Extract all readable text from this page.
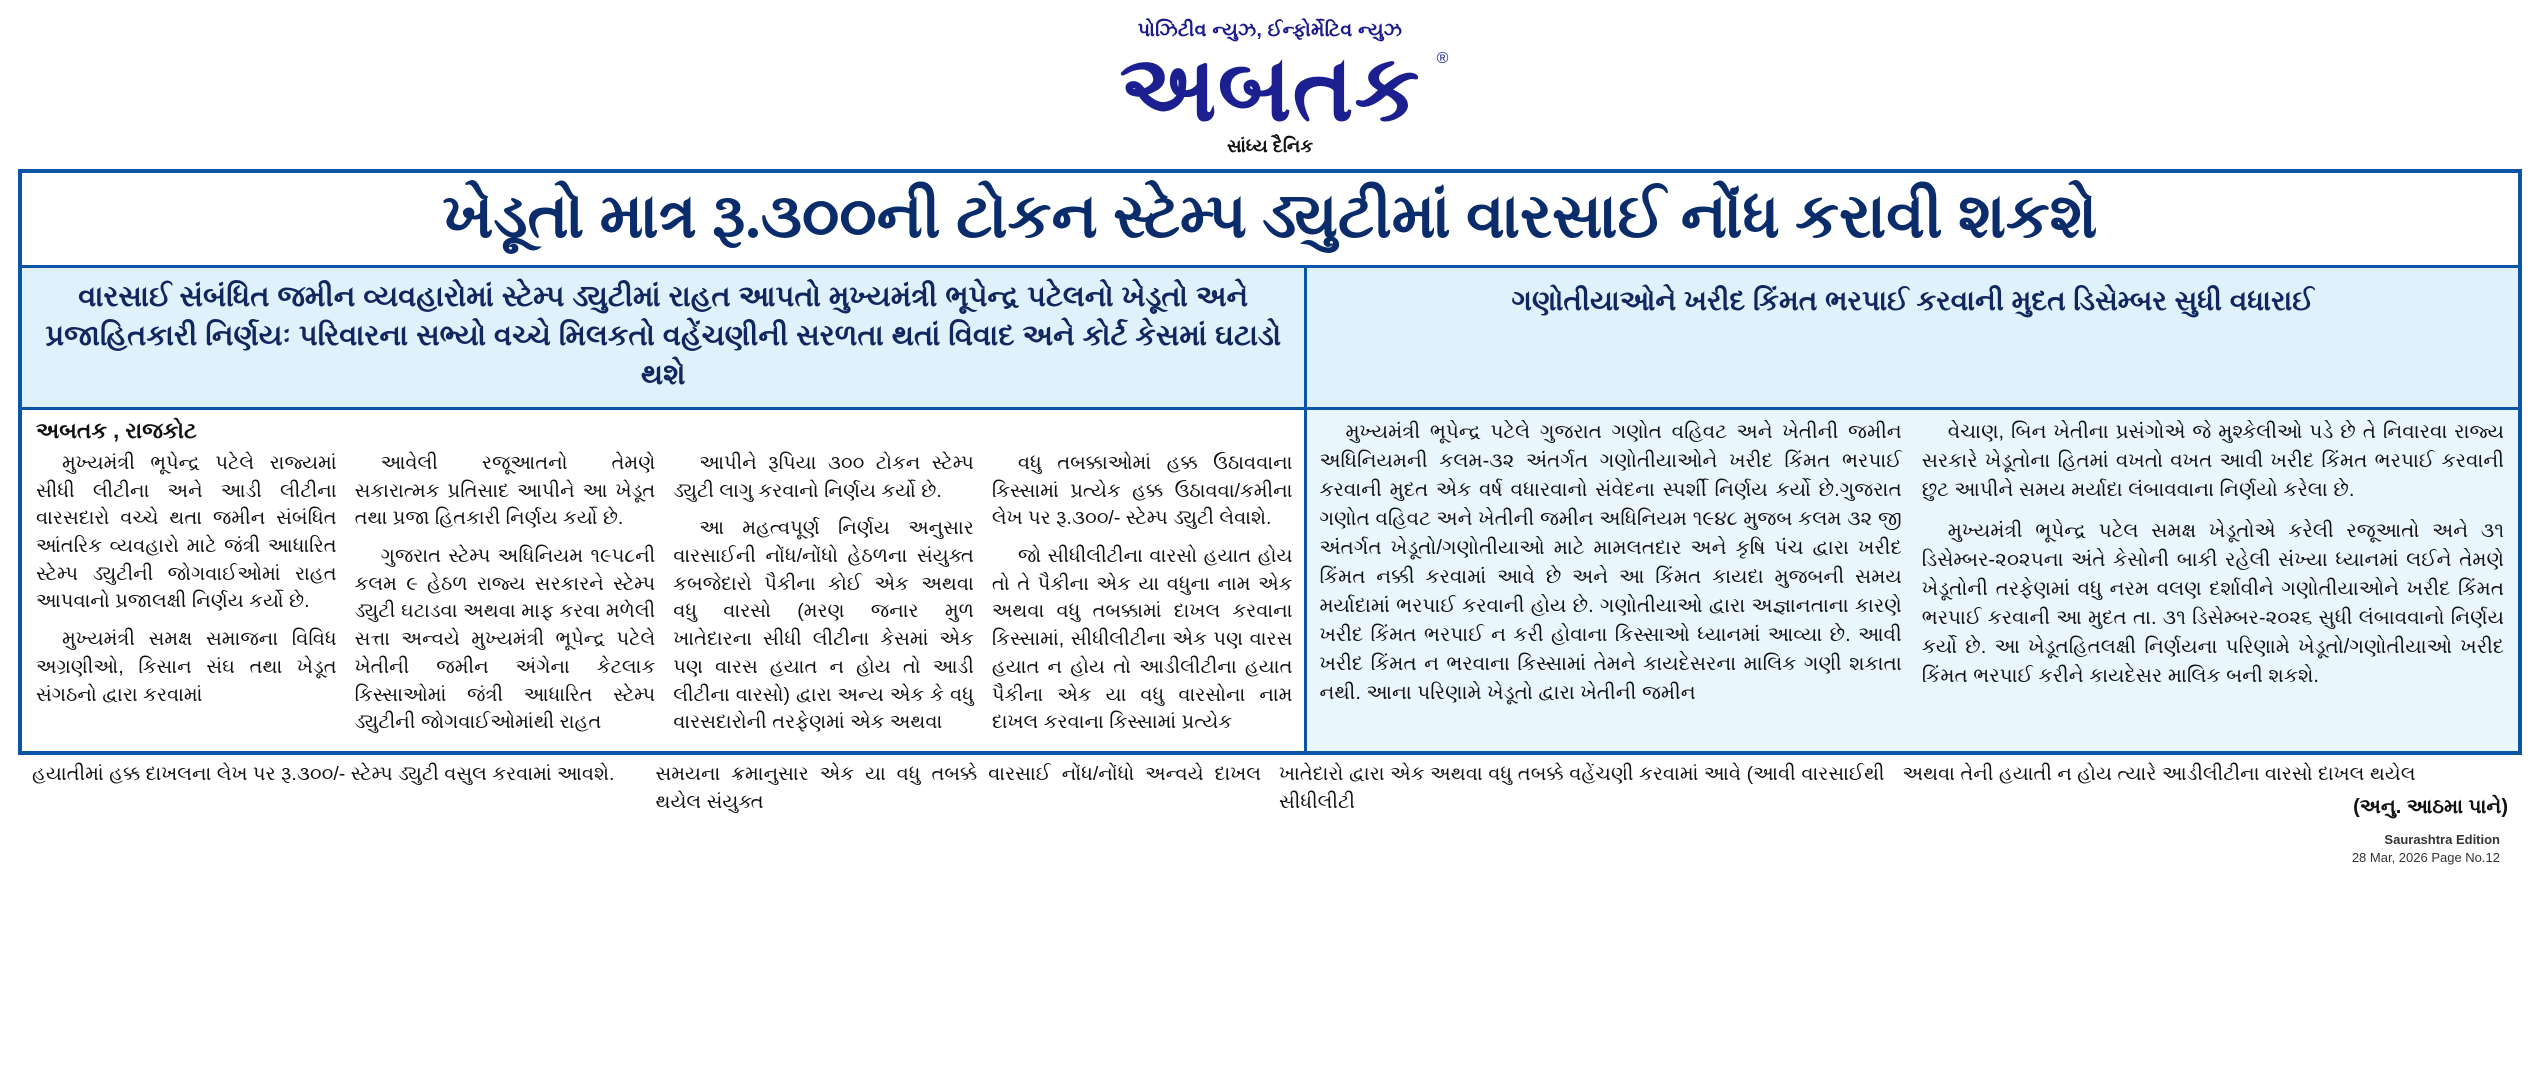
પોઝિટીવ ન્યુઝ, ઈન્ફોર્મેટિવ ન્યુઝ
અબતક ®
સાંધ્ય દૈનિક
ખેડૂતો માત્ર રૂ.૩૦૦ની ટોકન સ્ટેમ્પ ડ્યુટીમાં વારસાઈ નોંધ કરાવી શકશે
વારસાઈ સંબંધિત જમીન વ્યવહારોમાં સ્ટેમ્પ ડ્યુટીમાં રાહત આપતો મુખ્યમંત્રી ભૂપેન્દ્ર પટેલનો ખેડૂતો અને પ્રજાહિતકારી નિર્ણયઃ પરિવારના સભ્યો વચ્ચે મિલકતો વહેંચણીની સરળતા થતાં વિવાદ અને કોર્ટ કેસમાં ઘટાડો થશે
ગણોતીયાઓને ખરીદ કિંમત ભરપાઈ કરવાની મુદત ડિસેમ્બર સુધી વધારાઈ
અબતક , રાજકોટ

મુખ્યમંત્રી ભૂપેન્દ્ર પટેલે રાજ્યમાં સીધી લીટીના અને આડી લીટીના વારસદારો વચ્ચે થતા જમીન સંબંધિત આંતરિક વ્યવહારો માટે જંત્રી આધારિત સ્ટેમ્પ ડ્યુટીની જોગવાઈઓમાં રાહત આપવાનો પ્રજાલક્ષી નિર્ણય કર્યો છે.

મુખ્યમંત્રી સમક્ષ સમાજના વિવિધ અગ્રણીઓ, કિસાન સંઘ તથા ખેડૂત સંગઠનો દ્વારા કરવામાં

આવેલી રજૂઆતનો તેમણે સકારાત્મક પ્રતિસાદ આપીને આ ખેડૂત તથા પ્રજા હિતકારી નિર્ણય કર્યો છે.

ગુજરાત સ્ટેમ્પ અધિનિયમ ૧૯૫૮ની કલમ ૯ હેઠળ રાજ્ય સરકારને સ્ટેમ્પ ડ્યુટી ઘટાડવા અથવા માફ કરવા મળેલી સત્તા અન્વયે મુખ્યમંત્રી ભૂપેન્દ્ર પટેલે ખેતીની જમીન અંગેના કેટલાક કિસ્સાઓમાં જંત્રી આધારિત સ્ટેમ્પ ડ્યુટીની જોગવાઈઓમાંથી રાહત

આપીને રૂપિયા ૩૦૦ ટોકન સ્ટેમ્પ ડ્યુટી લાગુ કરવાનો નિર્ણય કર્યો છે.

આ મહત્વપૂર્ણ નિર્ણય અનુસાર વારસાઈની નોંધ/નોંધો હેઠળના સંયુક્ત કબજેદારો પૈકીના કોઈ એક અથવા વધુ વારસો (મરણ જનાર મુળ ખાતેદારના સીધી લીટીના કેસમાં એક પણ વારસ હયાત ન હોય તો આડી લીટીના વારસો) દ્વારા અન્ય એક કે વધુ વારસદારોની તરફેણમાં એક અથવા

વધુ તબક્કાઓમાં હક્ક ઉઠાવવાના કિસ્સામાં પ્રત્યેક હક્ક ઉઠાવવા/કમીના લેખ પર રૂ.૩૦૦/- સ્ટેમ્પ ડ્યુટી લેવાશે.

જો સીધીલીટીના વારસો હયાત હોય તો તે પૈકીના એક યા વધુના નામ એક અથવા વધુ તબક્કામાં દાખલ કરવાના કિસ્સામાં, સીધીલીટીના એક પણ વારસ હયાત ન હોય તો આડીલીટીના હયાત પૈકીના એક યા વધુ વારસોના નામ દાખલ કરવાના કિસ્સામાં પ્રત્યેક

મુખ્યમંત્રી ભૂપેન્દ્ર પટેલે ગુજરાત ગણોત વહિવટ અને ખેતીની જમીન અધિનિયમની કલમ-૩૨ અંતર્ગત ગણોતીયાઓને ખરીદ કિંમત ભરપાઈ કરવાની મુદત એક વર્ષ વધારવાનો સંવેદના સ્પર્શી નિર્ણય કર્યો છે.ગુજરાત ગણોત વહિવટ અને ખેતીની જમીન અધિનિયમ ૧૯૪૮ મુજબ કલમ ૩૨ જી અંતર્ગત ખેડૂતો/ગણોતીયાઓ માટે મામલતદાર અને કૃષિ પંચ દ્વારા ખરીદ કિંમત નક્કી કરવામાં આવે છે અને આ કિંમત કાયદા મુજબની સમય મર્યાદામાં ભરપાઈ કરવાની હોય છે. ગણોતીયાઓ દ્વારા અજ્ઞાનતાના કારણે ખરીદ કિંમત ભરપાઈ ન કરી હોવાના કિસ્સાઓ ધ્યાનમાં આવ્યા છે. આવી ખરીદ કિંમત ન ભરવાના કિસ્સામાં તેમને કાયદેસરના માલિક ગણી શકાતા નથી. આના પરિણામે ખેડૂતો દ્વારા ખેતીની જમીન

વેચાણ, બિન ખેતીના પ્રસંગોએ જે મુશ્કેલીઓ પડે છે તે નિવારવા રાજ્ય સરકારે ખેડૂતોના હિતમાં વખતો વખત આવી ખરીદ કિંમત ભરપાઈ કરવાની છુટ આપીને સમય મર્યાદા લંબાવવાના નિર્ણયો કરેલા છે.

મુખ્યમંત્રી ભૂપેન્દ્ર પટેલ સમક્ષ ખેડૂતોએ કરેલી રજૂઆતો અને ૩૧ ડિસેમ્બર-૨૦૨૫ના અંતે કેસોની બાકી રહેલી સંખ્યા ધ્યાનમાં લઈને તેમણે ખેડૂતોની તરફેણમાં વધુ નરમ વલણ દર્શાવીને ગણોતીયાઓને ખરીદ કિંમત ભરપાઈ કરવાની આ મુદત તા. ૩૧ ડિસેમ્બર-૨૦૨૬ સુધી લંબાવવાનો નિર્ણય કર્યો છે. આ ખેડૂતહિતલક્ષી નિર્ણયના પરિણામે ખેડૂતો/ગણોતીયાઓ ખરીદ કિંમત ભરપાઈ કરીને કાયદેસર માલિક બની શકશે.

હયાતીમાં હક્ક દાખલના લેખ પર રૂ.૩૦૦/- સ્ટેમ્પ ડ્યુટી વસુલ કરવામાં આવશે.	સમયના ક્રમાનુસાર એક યા વધુ તબક્કે વારસાઈ નોંધ/નોંધો અન્વયે દાખલ થયેલ સંયુક્ત

ખાતેદારો દ્વારા એક અથવા વધુ તબક્કે વહેંચણી કરવામાં આવે (આવી વારસાઈથી સીધીલીટી

અથવા તેની હયાતી ન હોય ત્યારે આડીલીટીના વારસો દાખલ થયેલ

(અનુ. આઠમા પાને)
Saurashtra Edition
28 Mar, 2026 Page No.12
